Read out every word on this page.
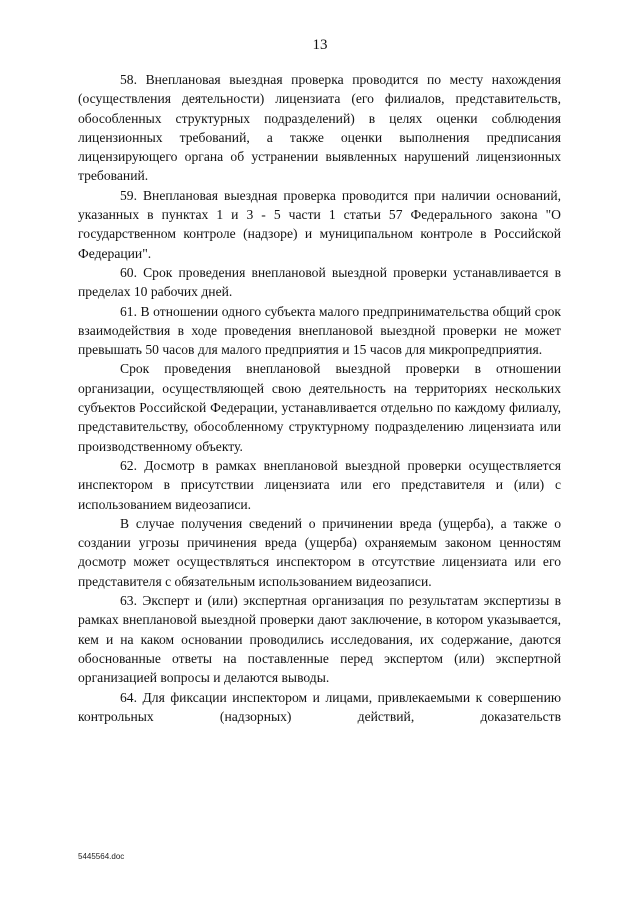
13

58. Внеплановая выездная проверка проводится по месту нахождения (осуществления деятельности) лицензиата (его филиалов, представительств, обособленных структурных подразделений) в целях оценки соблюдения лицензионных требований, а также оценки выполнения предписания лицензирующего органа об устранении выявленных нарушений лицензионных требований.

59. Внеплановая выездная проверка проводится при наличии оснований, указанных в пунктах 1 и 3 - 5 части 1 статьи 57 Федерального закона "О государственном контроле (надзоре) и муниципальном контроле в Российской Федерации".

60. Срок проведения внеплановой выездной проверки устанавливается в пределах 10 рабочих дней.

61. В отношении одного субъекта малого предпринимательства общий срок взаимодействия в ходе проведения внеплановой выездной проверки не может превышать 50 часов для малого предприятия и 15 часов для микропредприятия.

Срок проведения внеплановой выездной проверки в отношении организации, осуществляющей свою деятельность на территориях нескольких субъектов Российской Федерации, устанавливается отдельно по каждому филиалу, представительству, обособленному структурному подразделению лицензиата или производственному объекту.

62. Досмотр в рамках внеплановой выездной проверки осуществляется инспектором в присутствии лицензиата или его представителя и (или) с использованием видеозаписи.

В случае получения сведений о причинении вреда (ущерба), а также о создании угрозы причинения вреда (ущерба) охраняемым законом ценностям досмотр может осуществляться инспектором в отсутствие лицензиата или его представителя с обязательным использованием видеозаписи.

63. Эксперт и (или) экспертная организация по результатам экспертизы в рамках внеплановой выездной проверки дают заключение, в котором указывается, кем и на каком основании проводились исследования, их содержание, даются обоснованные ответы на поставленные перед экспертом (или) экспертной организацией вопросы и делаются выводы.

64. Для фиксации инспектором и лицами, привлекаемыми к совершению контрольных (надзорных) действий, доказательств

5445564.doc
